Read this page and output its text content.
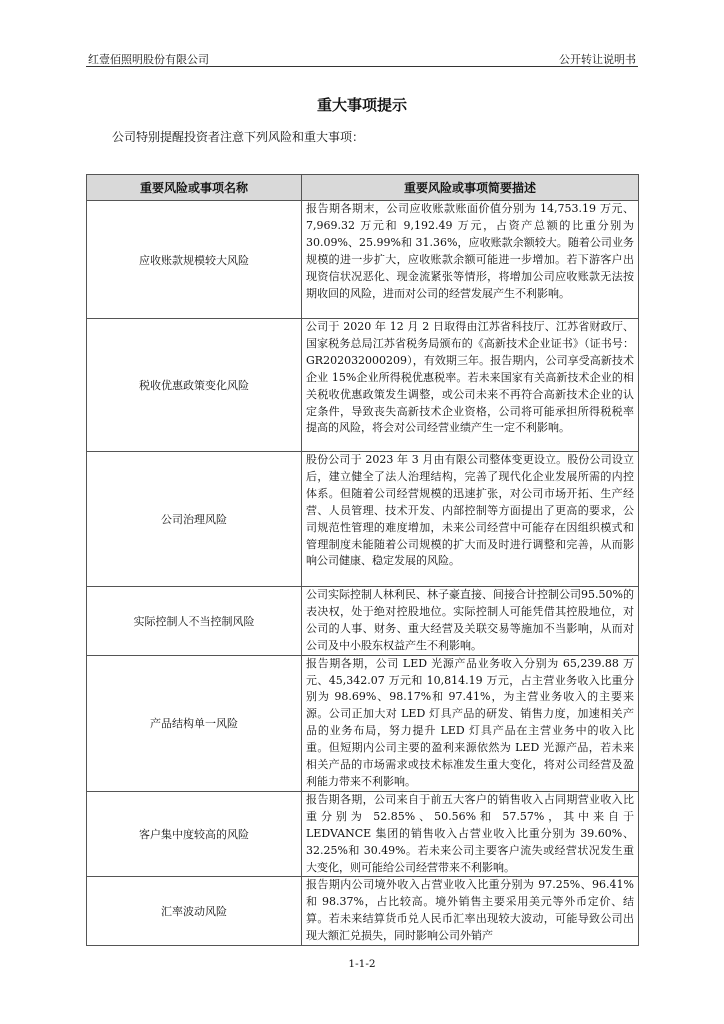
红壹佰照明股份有限公司	公开转让说明书
重大事项提示
公司特别提醒投资者注意下列风险和重大事项：
重要风险或事项名称	重要风险或事项简要描述
应收账款规模较大风险	报告期各期末，公司应收账款账面价值分别为 14,753.19 万元、7,969.32 万元和 9,192.49 万元，占资产总额的比重分别为 30.09%、25.99%和 31.36%，应收账款余额较大。随着公司业务规模的进一步扩大，应收账款余额可能进一步增加。若下游客户出现资信状况恶化、现金流紧张等情形，将增加公司应收账款无法按期收回的风险，进而对公司的经营发展产生不利影响。
税收优惠政策变化风险	公司于 2020 年 12 月 2 日取得由江苏省科技厅、江苏省财政厅、国家税务总局江苏省税务局颁布的《高新技术企业证书》（证书号：GR202032000209），有效期三年。报告期内，公司享受高新技术企业 15%企业所得税优惠税率。若未来国家有关高新技术企业的相关税收优惠政策发生调整，或公司未来不再符合高新技术企业的认定条件，导致丧失高新技术企业资格，公司将可能承担所得税税率提高的风险，将会对公司经营业绩产生一定不利影响。
公司治理风险	股份公司于 2023 年 3 月由有限公司整体变更设立。股份公司设立后，建立健全了法人治理结构，完善了现代化企业发展所需的内控体系。但随着公司经营规模的迅速扩张，对公司市场开拓、生产经营、人员管理、技术开发、内部控制等方面提出了更高的要求，公司规范性管理的难度增加，未来公司经营中可能存在因组织模式和管理制度未能随着公司规模的扩大而及时进行调整和完善，从而影响公司健康、稳定发展的风险。
实际控制人不当控制风险	公司实际控制人林利民、林子豪直接、间接合计控制公司95.50%的表决权，处于绝对控股地位。实际控制人可能凭借其控股地位，对公司的人事、财务、重大经营及关联交易等施加不当影响，从而对公司及中小股东权益产生不利影响。
产品结构单一风险	报告期各期，公司 LED 光源产品业务收入分别为 65,239.88 万元、45,342.07 万元和 10,814.19 万元，占主营业务收入比重分别为 98.69%、98.17%和 97.41%，为主营业务收入的主要来源。公司正加大对 LED 灯具产品的研发、销售力度，加速相关产品的业务布局，努力提升 LED 灯具产品在主营业务中的收入比重。但短期内公司主要的盈利来源依然为 LED 光源产品，若未来相关产品的市场需求或技术标准发生重大变化，将对公司经营及盈利能力带来不利影响。
客户集中度较高的风险	报告期各期，公司来自于前五大客户的销售收入占同期营业收入比重分别为 52.85%、50.56%和 57.57%，其中来自于 LEDVANCE 集团的销售收入占营业收入比重分别为 39.60%、32.25%和 30.49%。若未来公司主要客户流失或经营状况发生重大变化，则可能给公司经营带来不利影响。
汇率波动风险	报告期内公司境外收入占营业收入比重分别为 97.25%、96.41%和 98.37%，占比较高。境外销售主要采用美元等外币定价、结算。若未来结算货币兑人民币汇率出现较大波动，可能导致公司出现大额汇兑损失，同时影响公司外销产
1-1-2
